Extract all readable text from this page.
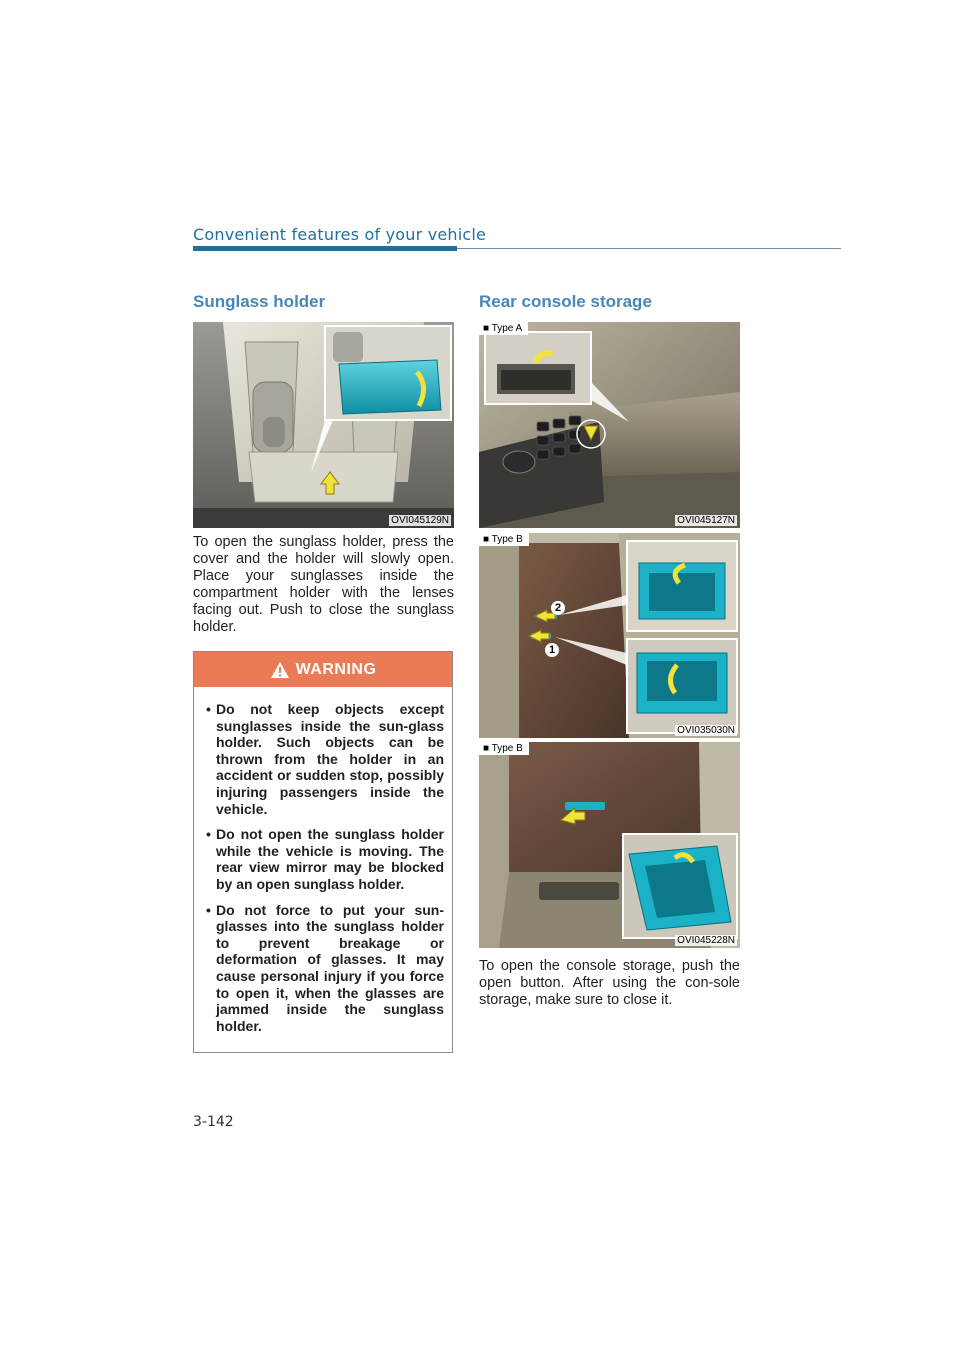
Convenient features of your vehicle
Sunglass holder	Rear console storage
OVI045129N

To open the sunglass holder, press the cover and the holder will slowly open. Place your sunglasses inside the compartment holder with the lenses facing out. Push to close the sunglass holder.

WARNING
• Do not keep objects except sunglasses inside the sun-glass holder. Such objects can be thrown from the holder in an accident or sudden stop, possibly injuring passengers inside the vehicle.
• Do not open the sunglass holder while the vehicle is moving. The rear view mirror may be blocked by an open sunglass holder.
• Do not force to put your sun-glasses into the sunglass holder to prevent breakage or deformation of glasses. It may cause personal injury if you force to open it, when the glasses are jammed inside the sunglass holder.
■ Type A
OVI045127N
2
1
■ Type B
OVI035030N
■ Type B
OVI045228N

To open the console storage, push the open button. After using the con-sole storage, make sure to close it.

3-142
